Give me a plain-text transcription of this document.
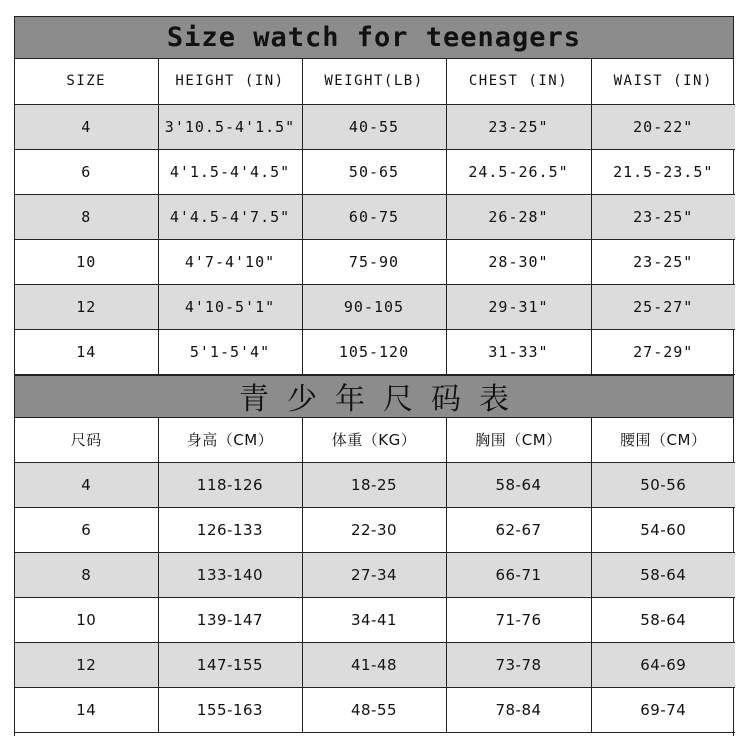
Size watch for teenagers
SIZE	HEIGHT (IN)	WEIGHT(LB)	CHEST (IN)	WAIST (IN)
4	3'10.5-4'1.5"	40-55	23-25"	20-22"
6	4'1.5-4'4.5"	50-65	24.5-26.5"	21.5-23.5"
8	4'4.5-4'7.5"	60-75	26-28"	23-25"
10	4'7-4'10"	75-90	28-30"	23-25"
12	4'10-5'1"	90-105	29-31"	25-27"
14	5'1-5'4"	105-120	31-33"	27-29"
青少年尺码表
尺码	身高（CM）	体重（KG）	胸围（CM）	腰围（CM）
4	118-126	18-25	58-64	50-56
6	126-133	22-30	62-67	54-60
8	133-140	27-34	66-71	58-64
10	139-147	34-41	71-76	58-64
12	147-155	41-48	73-78	64-69
14	155-163	48-55	78-84	69-74
